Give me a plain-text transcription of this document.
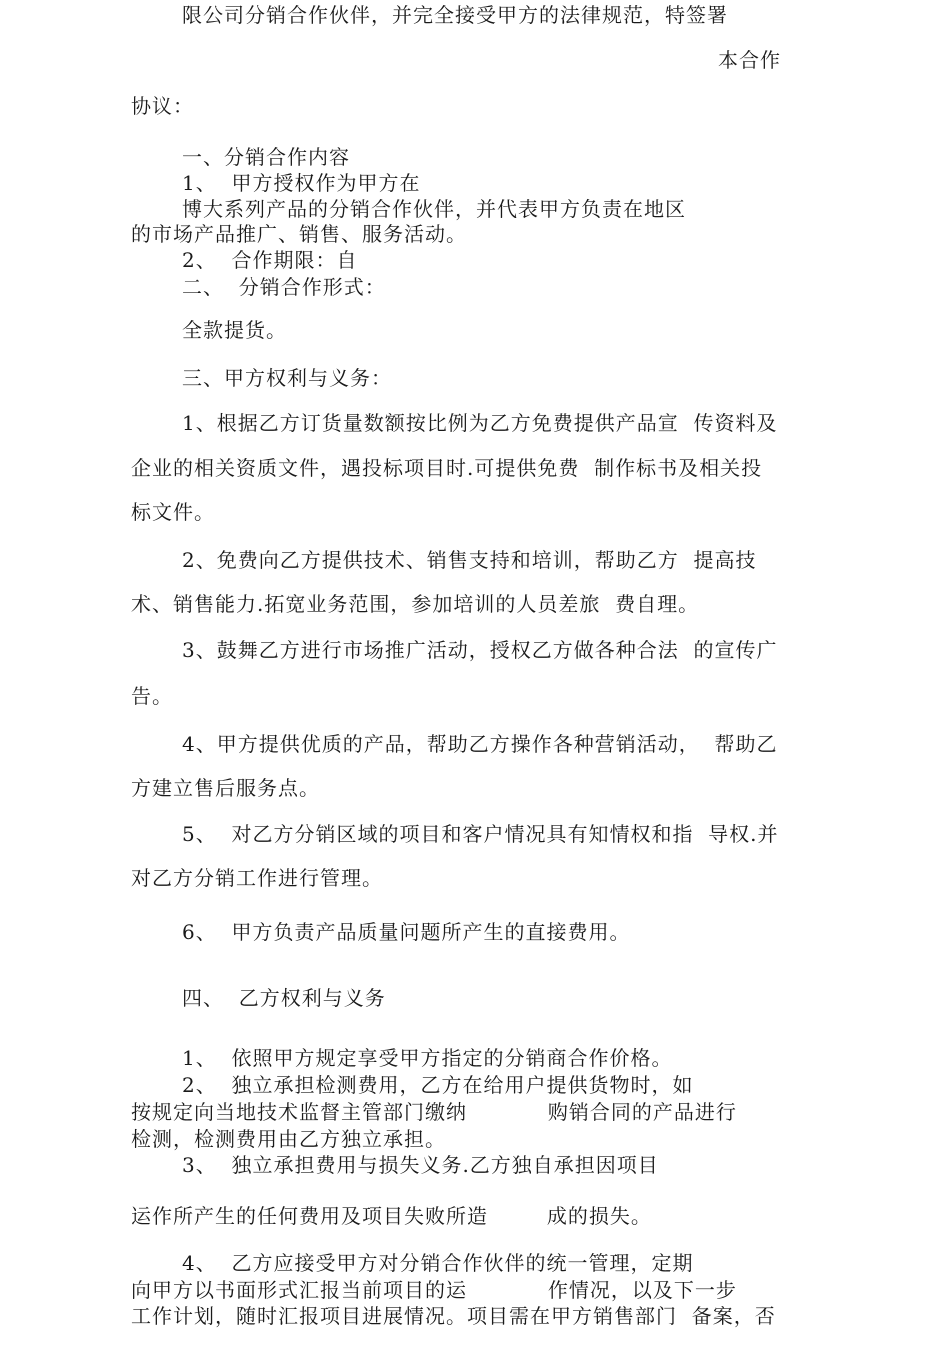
限公司分销合作伙伴，并完全接受甲方的法律规范，特签署
本合作
协议：
一、分销合作内容
1、  甲方授权作为甲方在
博大系列产品的分销合作伙伴，并代表甲方负责在地区
的市场产品推广、销售、服务活动。
2、  合作期限：自
二、  分销合作形式：
全款提货。
三、甲方权利与义务：
1、根据乙方订货量数额按比例为乙方免费提供产品宣  传资料及
企业的相关资质文件，遇投标项目时.可提供免费  制作标书及相关投
标文件。
2、免费向乙方提供技术、销售支持和培训，帮助乙方  提高技
术、销售能力.拓宽业务范围，参加培训的人员差旅  费自理。
3、鼓舞乙方进行市场推广活动，授权乙方做各种合法  的宣传广
告。
4、甲方提供优质的产品，帮助乙方操作各种营销活动，  帮助乙
方建立售后服务点。
5、  对乙方分销区域的项目和客户情况具有知情权和指  导权.并
对乙方分销工作进行管理。
6、  甲方负责产品质量问题所产生的直接费用。
四、  乙方权利与义务
1、  依照甲方规定享受甲方指定的分销商合作价格。
2、  独立承担检测费用，乙方在给用户提供货物时，如
按规定向当地技术监督主管部门缴纳           购销合同的产品进行
检测，检测费用由乙方独立承担。
3、  独立承担费用与损失义务.乙方独自承担因项目
运作所产生的任何费用及项目失败所造        成的损失。
4、  乙方应接受甲方对分销合作伙伴的统一管理，定期
向甲方以书面形式汇报当前项目的运           作情况，以及下一步
工作计划，随时汇报项目进展情况。项目需在甲方销售部门  备案，否
